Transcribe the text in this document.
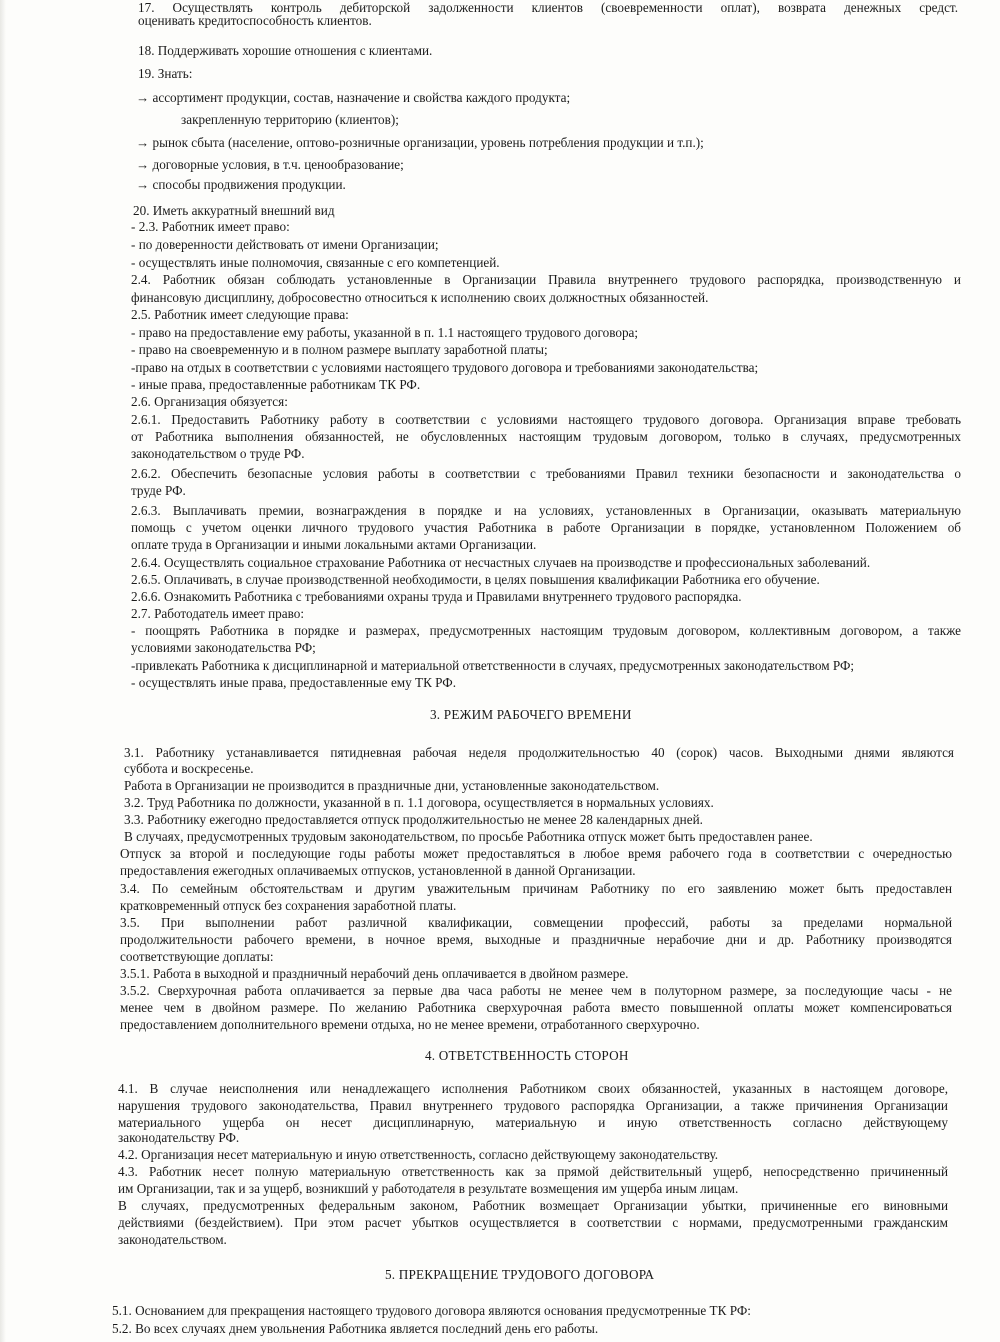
17. Осуществлять контроль дебиторской задолженности клиентов (своевременности оплат), возврата денежных средст.
оценивать кредитоспособность клиентов.
18. Поддерживать хорошие отношения с клиентами.
19. Знать:
→ ассортимент продукции, состав, назначение и свойства каждого продукта;
закрепленную территорию (клиентов);
→ рынок сбыта (население, оптово-розничные организации, уровень потребления продукции и т.п.);
→ договорные условия, в т.ч. ценообразование;
→ способы продвижения продукции.
20. Иметь аккуратный внешний вид
- 2.3. Работник имеет право:
- по доверенности действовать от имени Организации;
- осуществлять иные полномочия, связанные с его компетенцией.
2.4. Работник обязан соблюдать установленные в Организации Правила внутреннего трудового распорядка, производственную и
финансовую дисциплину, добросовестно относиться к исполнению своих должностных обязанностей.
2.5. Работник имеет следующие права:
- право на предоставление ему работы, указанной в п. 1.1 настоящего трудового договора;
- право на своевременную и в полном размере выплату заработной платы;
-право на отдых в соответствии с условиями настоящего трудового договора и требованиями законодательства;
- иные права, предоставленные работникам ТК РФ.
2.6. Организация обязуется:
2.6.1. Предоставить Работнику работу в соответствии с условиями настоящего трудового договора. Организация вправе требовать
от Работника выполнения обязанностей, не обусловленных настоящим трудовым договором, только в случаях, предусмотренных
законодательством о труде РФ.
2.6.2. Обеспечить безопасные условия работы в соответствии с требованиями Правил техники безопасности и законодательства о
труде РФ.
2.6.3. Выплачивать премии, вознаграждения в порядке и на условиях, установленных в Организации, оказывать материальную
помощь с учетом оценки личного трудового участия Работника в работе Организации в порядке, установленном Положением об
оплате труда в Организации и иными локальными актами Организации.
2.6.4. Осуществлять социальное страхование Работника от несчастных случаев на производстве и профессиональных заболеваний.
2.6.5. Оплачивать, в случае производственной необходимости, в целях повышения квалификации Работника его обучение.
2.6.6. Ознакомить Работника с требованиями охраны труда и Правилами внутреннего трудового распорядка.
2.7. Работодатель имеет право:
- поощрять Работника в порядке и размерах, предусмотренных настоящим трудовым договором, коллективным договором, а также
условиями законодательства РФ;
-привлекать Работника к дисциплинарной и материальной ответственности в случаях, предусмотренных законодательством РФ;
- осуществлять иные права, предоставленные ему ТК РФ.
3. РЕЖИМ РАБОЧЕГО ВРЕМЕНИ
3.1. Работнику устанавливается пятидневная рабочая неделя продолжительностью 40 (сорок) часов. Выходными днями являются
суббота и воскресенье.
Работа в Организации не производится в праздничные дни, установленные законодательством.
3.2. Труд Работника по должности, указанной в п. 1.1 договора, осуществляется в нормальных условиях.
3.3. Работнику ежегодно предоставляется отпуск продолжительностью не менее 28 календарных дней.
В случаях, предусмотренных трудовым законодательством, по просьбе Работника отпуск может быть предоставлен ранее.
Отпуск за второй и последующие годы работы может предоставляться в любое время рабочего года в соответствии с очередностью
предоставления ежегодных оплачиваемых отпусков, установленной в данной Организации.
3.4. По семейным обстоятельствам и другим уважительным причинам Работнику по его заявлению может быть предоставлен
кратковременный отпуск без сохранения заработной платы.
3.5. При выполнении работ различной квалификации, совмещении профессий, работы за пределами нормальной
продолжительности рабочего времени, в ночное время, выходные и праздничные нерабочие дни и др. Работнику производятся
соответствующие доплаты:
3.5.1. Работа в выходной и праздничный нерабочий день оплачивается в двойном размере.
3.5.2. Сверхурочная работа оплачивается за первые два часа работы не менее чем в полуторном размере, за последующие часы - не
менее чем в двойном размере. По желанию Работника сверхурочная работа вместо повышенной оплаты может компенсироваться
предоставлением дополнительного времени отдыха, но не менее времени, отработанного сверхурочно.
4. ОТВЕТСТВЕННОСТЬ СТОРОН
4.1. В случае неисполнения или ненадлежащего исполнения Работником своих обязанностей, указанных в настоящем договоре,
нарушения трудового законодательства, Правил внутреннего трудового распорядка Организации, а также причинения Организации
материального ущерба он несет дисциплинарную, материальную и иную ответственность согласно действующему
законодательству РФ.
4.2. Организация несет материальную и иную ответственность, согласно действующему законодательству.
4.3. Работник несет полную материальную ответственность как за прямой действительный ущерб, непосредственно причиненный
им Организации, так и за ущерб, возникший у работодателя в результате возмещения им ущерба иным лицам.
В случаях, предусмотренных федеральным законом, Работник возмещает Организации убытки, причиненные его виновными
действиями (бездействием). При этом расчет убытков осуществляется в соответствии с нормами, предусмотренными гражданским
законодательством.
5. ПРЕКРАЩЕНИЕ ТРУДОВОГО ДОГОВОРА
5.1. Основанием для прекращения настоящего трудового договора являются основания предусмотренные ТК РФ:
5.2. Во всех случаях днем увольнения Работника является последний день его работы.
